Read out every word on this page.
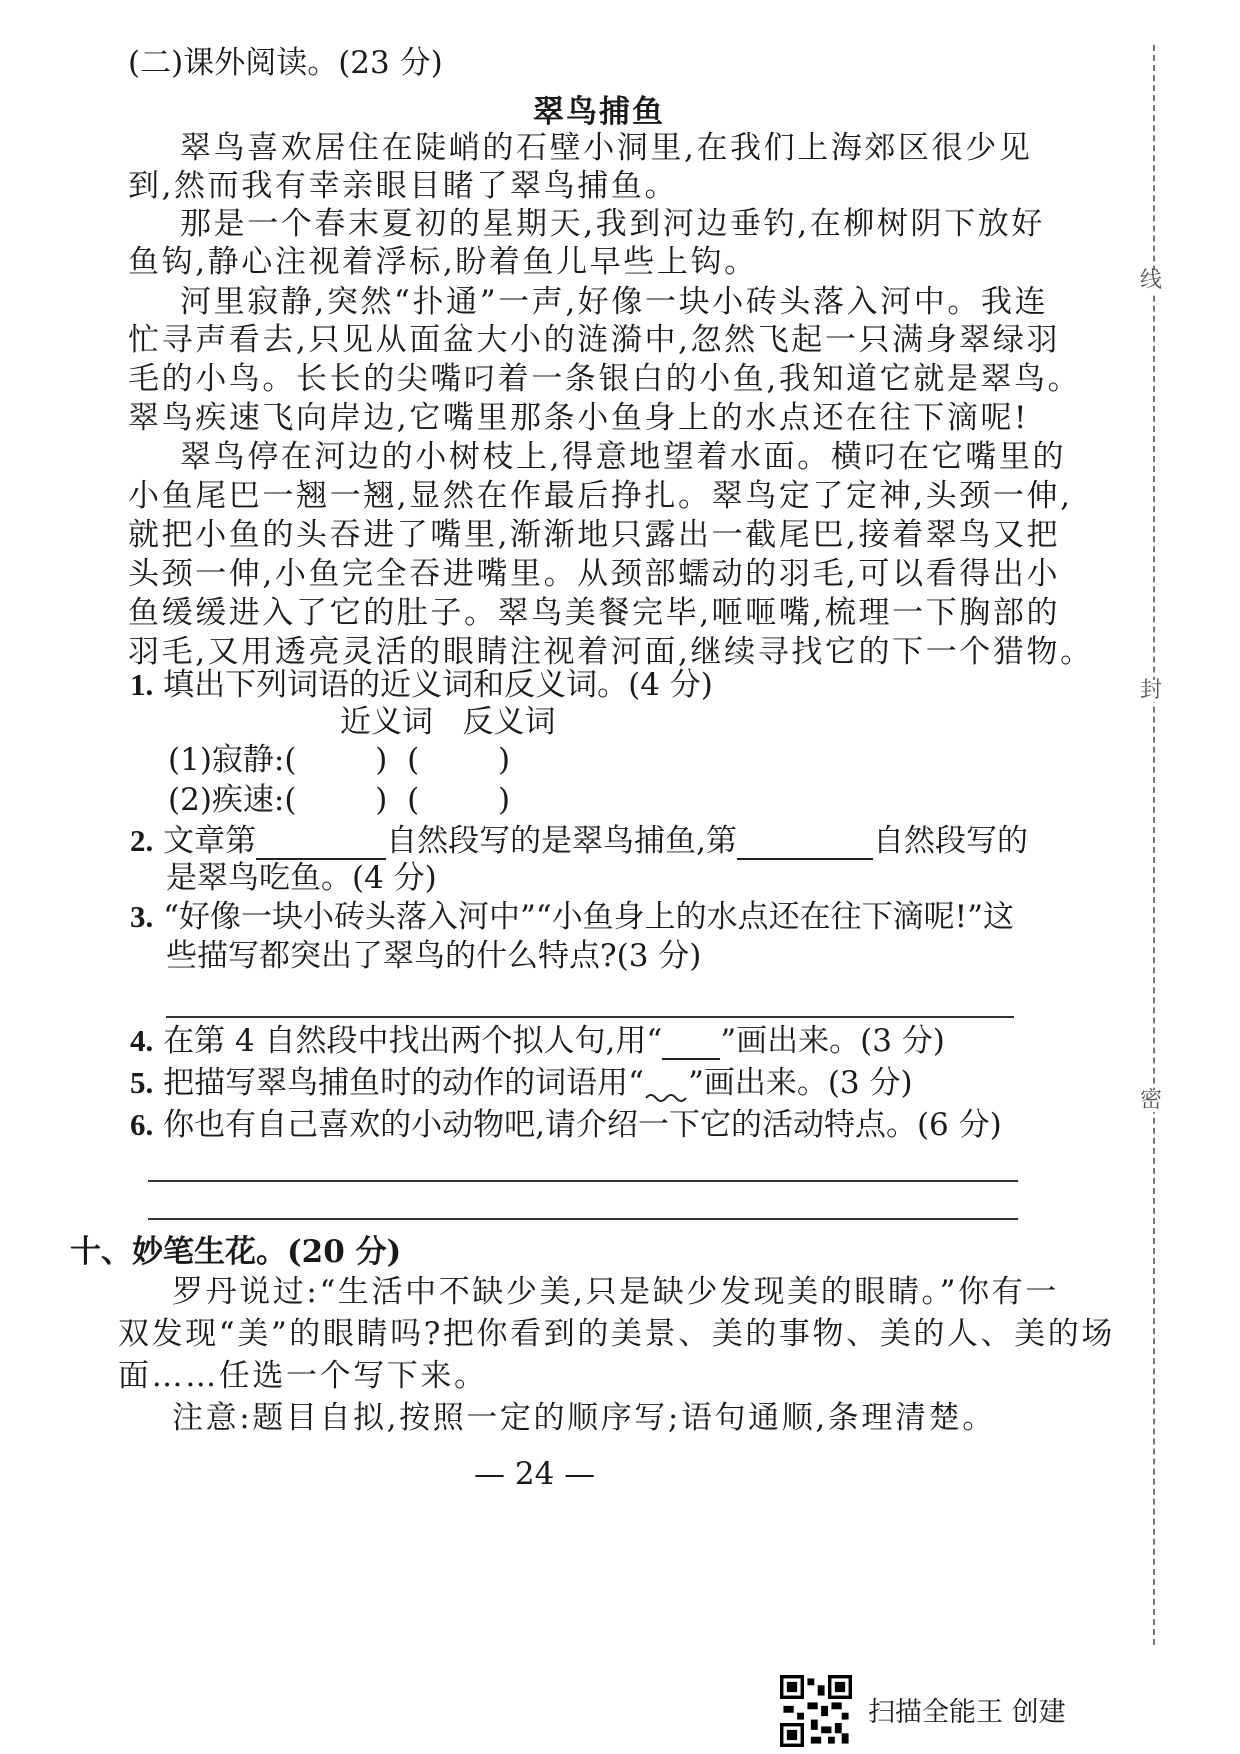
线
封
密
(二)课外阅读。(23 分)
翠鸟捕鱼
翠鸟喜欢居住在陡峭的石壁小洞里,在我们上海郊区很少见
到,然而我有幸亲眼目睹了翠鸟捕鱼。
那是一个春末夏初的星期天,我到河边垂钓,在柳树阴下放好
鱼钩,静心注视着浮标,盼着鱼儿早些上钩。
河里寂静,突然“扑通”一声,好像一块小砖头落入河中。我连
忙寻声看去,只见从面盆大小的涟漪中,忽然飞起一只满身翠绿羽
毛的小鸟。长长的尖嘴叼着一条银白的小鱼,我知道它就是翠鸟。
翠鸟疾速飞向岸边,它嘴里那条小鱼身上的水点还在往下滴呢!
翠鸟停在河边的小树枝上,得意地望着水面。横叼在它嘴里的
小鱼尾巴一翘一翘,显然在作最后挣扎。翠鸟定了定神,头颈一伸,
就把小鱼的头吞进了嘴里,渐渐地只露出一截尾巴,接着翠鸟又把
头颈一伸,小鱼完全吞进嘴里。从颈部蠕动的羽毛,可以看得出小
鱼缓缓进入了它的肚子。翠鸟美餐完毕,咂咂嘴,梳理一下胸部的
羽毛,又用透亮灵活的眼睛注视着河面,继续寻找它的下一个猎物。
1. 填出下列词语的近义词和反义词。(4 分)
近义词   反义词
(1)寂静:(        )  (        )
(2)疾速:(        )  (        )
2. 文章第	自然段写的是翠鸟捕鱼,第	自然段写的
是翠鸟吃鱼。(4 分)
3. “好像一块小砖头落入河中”“小鱼身上的水点还在往下滴呢!”这
些描写都突出了翠鸟的什么特点?(3 分)
4. 在第 4 自然段中找出两个拟人句,用“ ”画出来。(3 分)
5. 把描写翠鸟捕鱼时的动作的词语用“ ”画出来。(3 分)
6. 你也有自己喜欢的小动物吧,请介绍一下它的活动特点。(6 分)
十、妙笔生花。(20 分)
罗丹说过:“生活中不缺少美,只是缺少发现美的眼睛。”你有一
双发现“美”的眼睛吗?把你看到的美景、美的事物、美的人、美的场
面……任选一个写下来。
注意:题目自拟,按照一定的顺序写;语句通顺,条理清楚。
— 24 —
扫描全能王 创建
